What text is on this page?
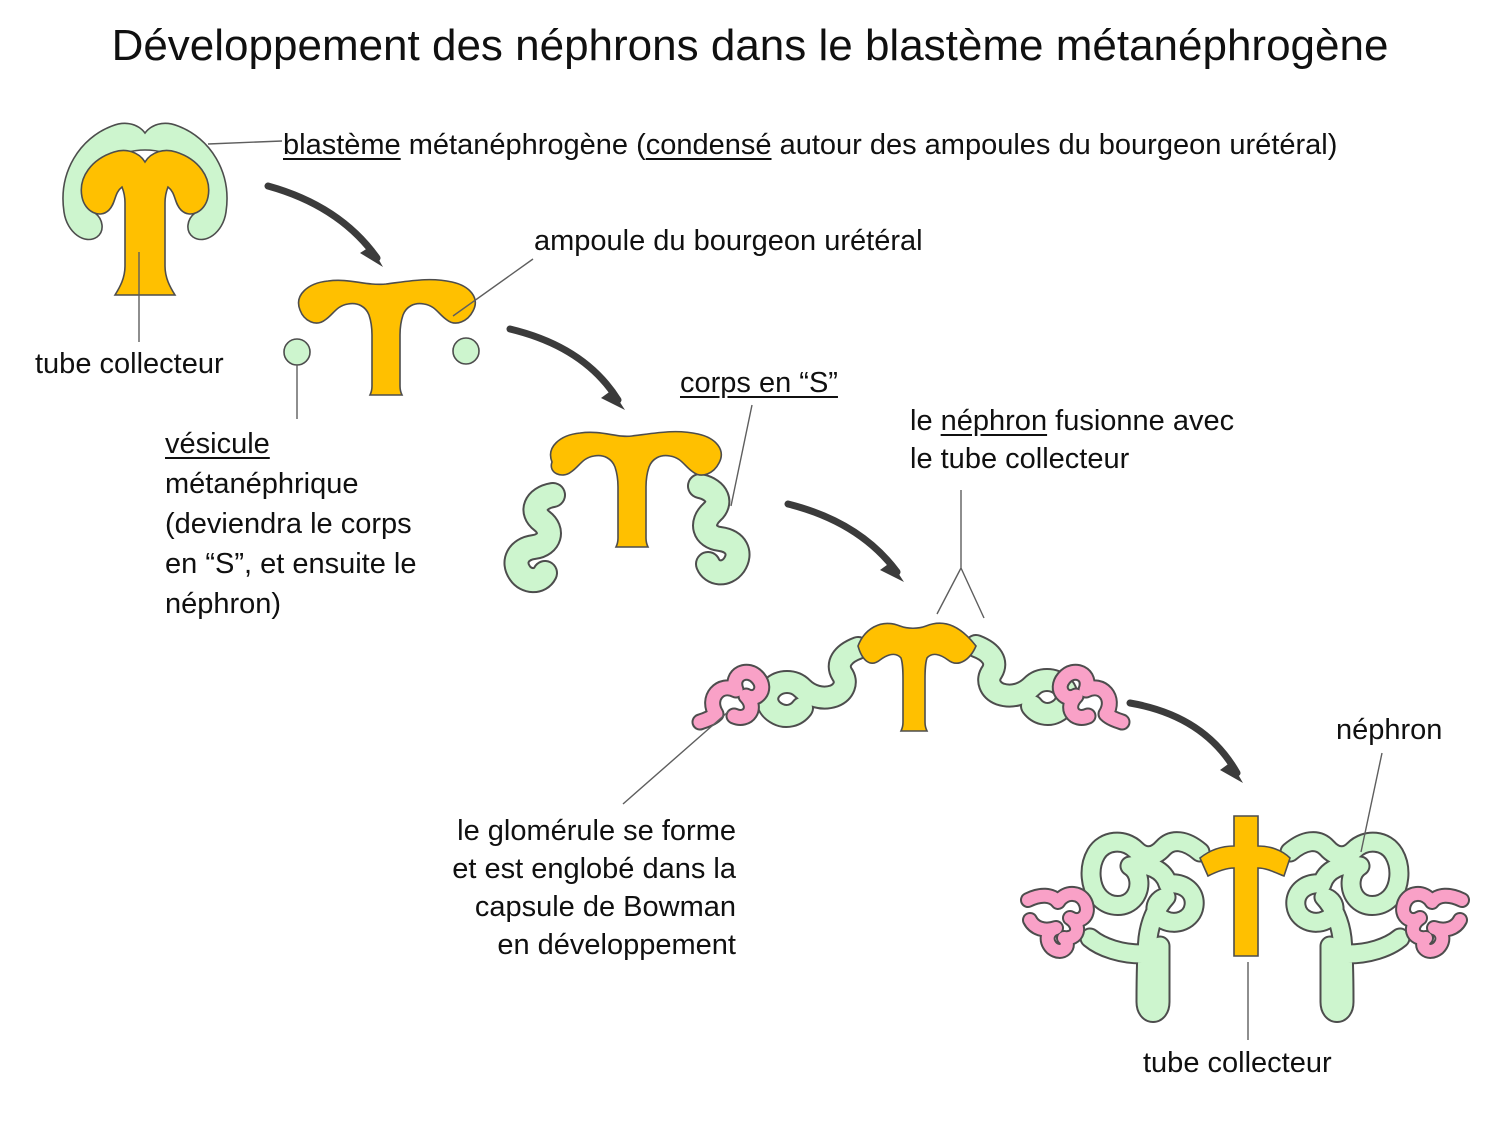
Développement des néphrons dans le blastème métanéphrogène
blastème métanéphrogène (condensé autour des ampoules du bourgeon urétéral)
ampoule du bourgeon urétéral
tube collecteur
vésicule
métanéphrique
(deviendra le corps
en “S”, et ensuite le
néphron)
corps en “S”
le néphron fusionne avec
le tube collecteur
le glomérule se forme
et est englobé dans la
capsule de Bowman
en développement
néphron
tube collecteur
